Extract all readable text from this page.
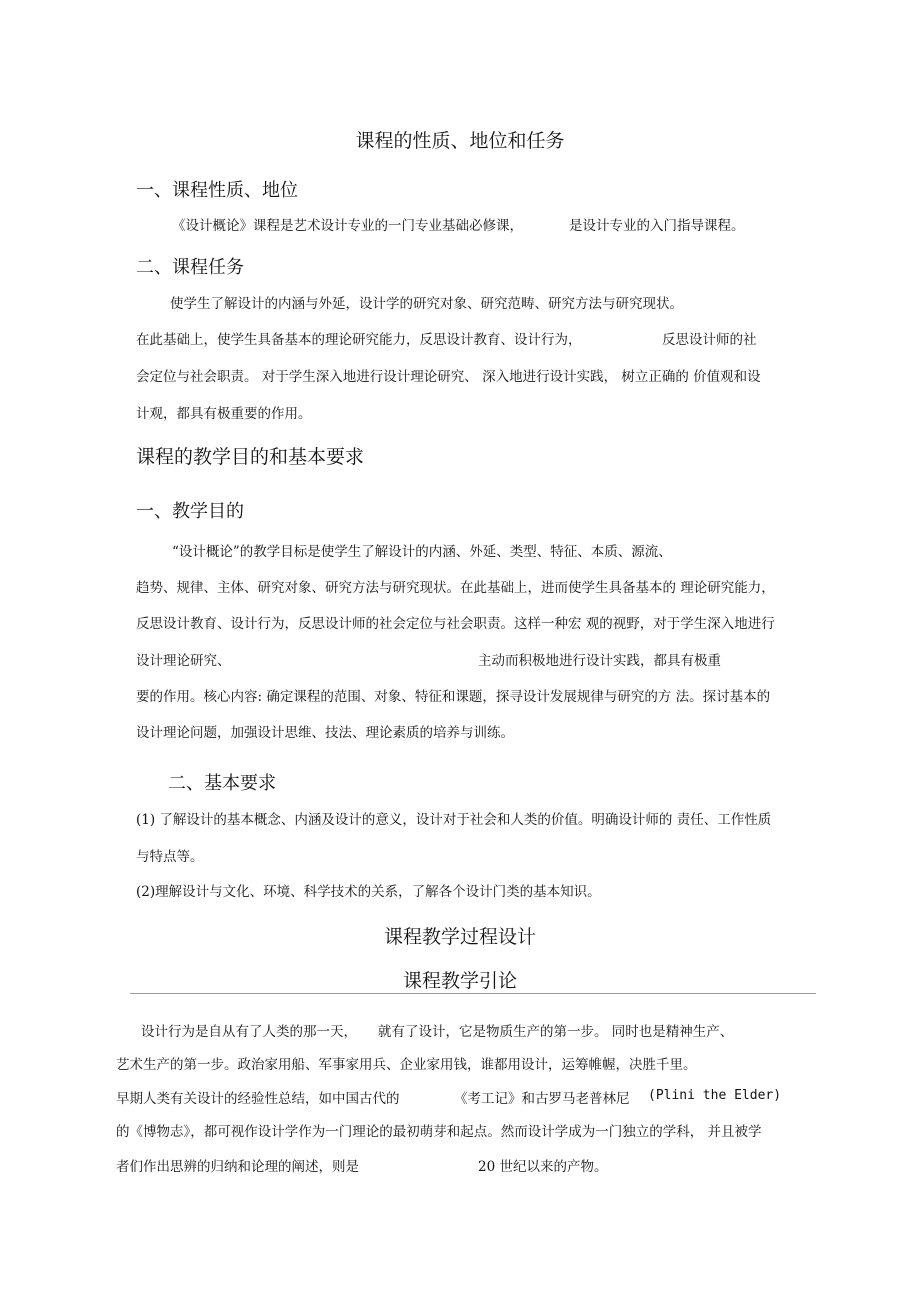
课程的性质、地位和任务
一、课程性质、地位
《设计概论》课程是艺术设计专业的一门专业基础必修课，	是设计专业的入门指导课程。
二、课程任务
使学生了解设计的内涵与外延，设计学的研究对象、研究范畴、研究方法与研究现状。
在此基础上，使学生具备基本的理论研究能力，反思设计教育、设计行为，	反思设计师的社
会定位与社会职责。 对于学生深入地进行设计理论研究、 深入地进行设计实践， 树立正确的 价值观和设
计观，都具有极重要的作用。
课程的教学目的和基本要求
一、教学目的
“设计概论”的教学目标是使学生了解设计的内涵、外延、类型、特征、本质、源流、
趋势、规律、主体、研究对象、研究方法与研究现状。在此基础上，进而使学生具备基本的 理论研究能力，
反思设计教育、设计行为，反思设计师的社会定位与社会职责。这样一种宏 观的视野，对于学生深入地进行
设计理论研究、	主动而积极地进行设计实践，都具有极重
要的作用。核心内容: 确定课程的范围、对象、特征和课题，探寻设计发展规律与研究的方 法。探讨基本的
设计理论问题，加强设计思维、技法、理论素质的培养与训练。
二、基本要求
(1) 了解设计的基本概念、内涵及设计的意义，设计对于社会和人类的价值。明确设计师的 责任、工作性质
与特点等。
(2)理解设计与文化、环境、科学技术的关系，了解各个设计门类的基本知识。
课程教学过程设计
课程教学引论
设计行为是自从有了人类的那一天， 就有了设计，它是物质生产的第一步。 同时也是精神生产、
艺术生产的第一步。政治家用船、军事家用兵、企业家用钱，谁都用设计，运筹帷幄，决胜千里。
早期人类有关设计的经验性总结，如中国古代的	《考工记》和古罗马老普林尼 (Plini the Elder)
的《博物志》，都可视作设计学作为一门理论的最初萌芽和起点。然而设计学成为一门独立的学科， 并且被学
者们作出思辨的归纳和论理的阐述，则是	20 世纪以来的产物。
